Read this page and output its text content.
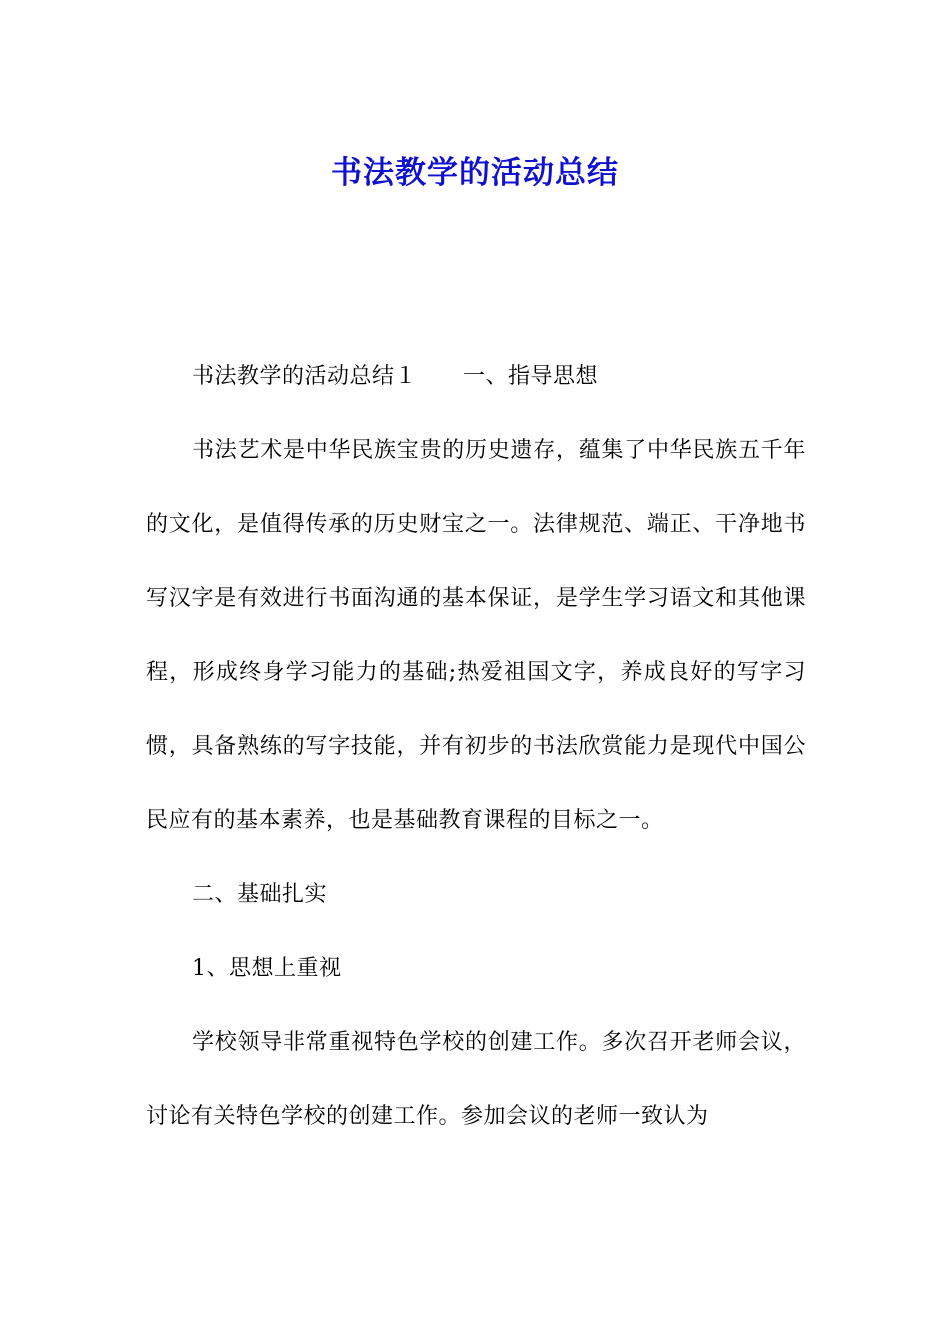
书法教学的活动总结

书法教学的活动总结１ 一、指导思想

书法艺术是中华民族宝贵的历史遗存，蕴集了中华民族五千年的文化，是值得传承的历史财宝之一。法律规范、端正、干净地书写汉字是有效进行书面沟通的基本保证，是学生学习语文和其他课程，形成终身学习能力的基础;热爱祖国文字，养成良好的写字习惯，具备熟练的写字技能，并有初步的书法欣赏能力是现代中国公民应有的基本素养，也是基础教育课程的目标之一。

二、基础扎实

1、思想上重视

学校领导非常重视特色学校的创建工作。多次召开老师会议，讨论有关特色学校的创建工作。参加会议的老师一致认为
